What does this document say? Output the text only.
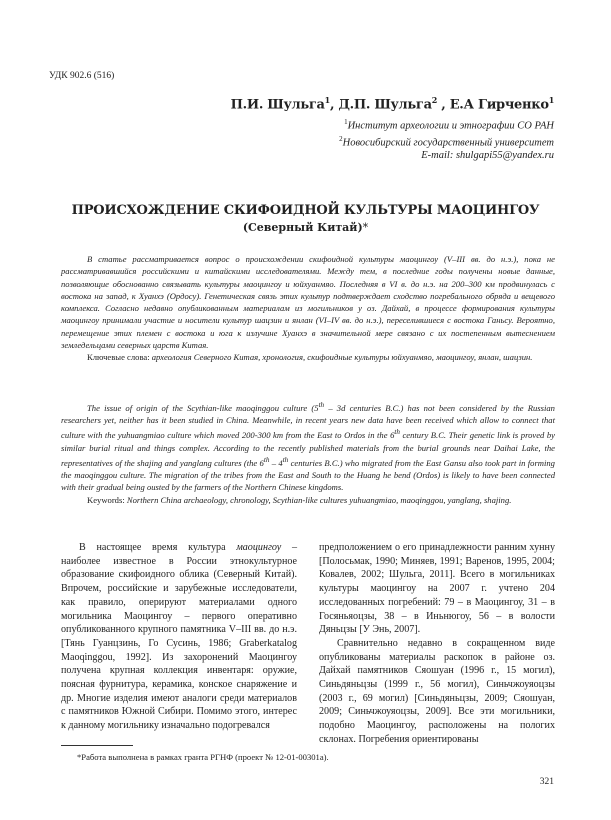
УДК 902.6 (516)
П.И. Шульга$^1$, Д.П. Шульга$^2$ , Е.А Гирченко$^1$
$^1$Институт археологии и этнографии СО РАН
$^2$Новосибирский государственный университет
E-mail: shulgapi55@yandex.ru
ПРОИСХОЖДЕНИЕ СКИФОИДНОЙ КУЛЬТУРЫ МАОЦИНГОУ
(Северный Китай)*

В статье рассматривается вопрос о происхождении скифоидной культуры маоцингоу (V–III вв. до н.э.), пока не рассматривавшийся российскими и китайскими исследователями. Между тем, в последние годы получены новые данные, позволяющие обоснованно связывать культуры маоцингоу и юйхуанмяо. Последняя в VI в. до н.э. на 200–300 км продвинулась с востока на запад, к Хуанхэ (Ордосу). Генетическая связь этих культур подтверждает сходство погребального обряда и вещевого комплекса. Согласно недавно опубликованным материалам из могильников у оз. Дайхай, в процессе формирования культуры маоцингоу принимали участие и носители культур шацзин и янлан (VI–IV вв. до н.э.), переселившиеся с востока Ганьсу. Вероятно, перемещение этих племен с востока и юга к излучине Хуанхэ в значительной мере связано с их постепенным вытеснением земледельцами северных царств Китая.

Ключевые слова: археология Северного Китая, хронология, скифоидные культуры юйхуанмяо, маоцингоу, янлан, шацзин.

The issue of origin of the Scythian-like maoqinggou culture (5th – 3d centuries B.C.) has not been considered by the Russian researchers yet, neither has it been studied in China. Meanwhile, in recent years new data have been received which allow to connect that culture with the yuhuangmiao culture which moved 200-300 km from the East to Ordos in the 6th century B.C. Their genetic link is proved by similar burial ritual and things complex. According to the recently published materials from the burial grounds near Daihai Lake, the representatives of the shajing and yanglang cultures (the 6th – 4th centuries B.C.) who migrated from the East Gansu also took part in forming the maoqinggou culture. The migration of the tribes from the East and South to the Huang he bend (Ordos) is likely to have been connected with their gradual being ousted by the farmers of the Northern Chinese kingdoms.

Keywords: Northern China archaeology, chronology, Scythian-like cultures yuhuangmiao, maoqinggou, yanglang, shajing.

В настоящее время культура маоцингоу – наиболее известное в России этнокультурное образование скифоидного облика (Северный Китай). Впрочем, российские и зарубежные исследователи, как правило, оперируют материалами одного могильника Маоцингоу – первого оперативно опубликованного крупного памятника V–III вв. до н.э. [Тянь Гуанцзинь, Го Сусинь, 1986; Graberkatalog Maoqinggou, 1992]. Из захоронений Маоцингоу получена крупная коллекция инвентаря: оружие, поясная фурнитура, керамика, конское снаряжение и др. Многие изделия имеют аналоги среди материалов с памятников Южной Сибири. Помимо этого, интерес к данному могильнику изначально подогревался

предположением о его принадлежности ранним хунну [Полосьмак, 1990; Миняев, 1991; Варенов, 1995, 2004; Ковалев, 2002; Шульга, 2011]. Всего в могильниках культуры маоцингоу на 2007 г. учтено 204 исследованных погребений: 79 – в Маоцингоу, 31 – в Госяньяоцзы, 38 – в Иньнюгоу, 56 – в волости Дяньцзы [У Энь, 2007].

Сравнительно недавно в сокращенном виде опубликованы материалы раскопок в районе оз. Дайхай памятников Сяошуан (1996 г., 15 могил), Синьдяньцзы (1999 г., 56 могил), Синьчжоуяоцзы (2003 г., 69 могил) [Синьдяньцзы, 2009; Сяошуан, 2009; Синьчжоуяоцзы, 2009]. Все эти могильники, подобно Маоцингоу, расположены на пологих склонах. Погребения ориентированы

*Работа выполнена в рамках гранта РГНФ (проект № 12-01-00301а).
321
